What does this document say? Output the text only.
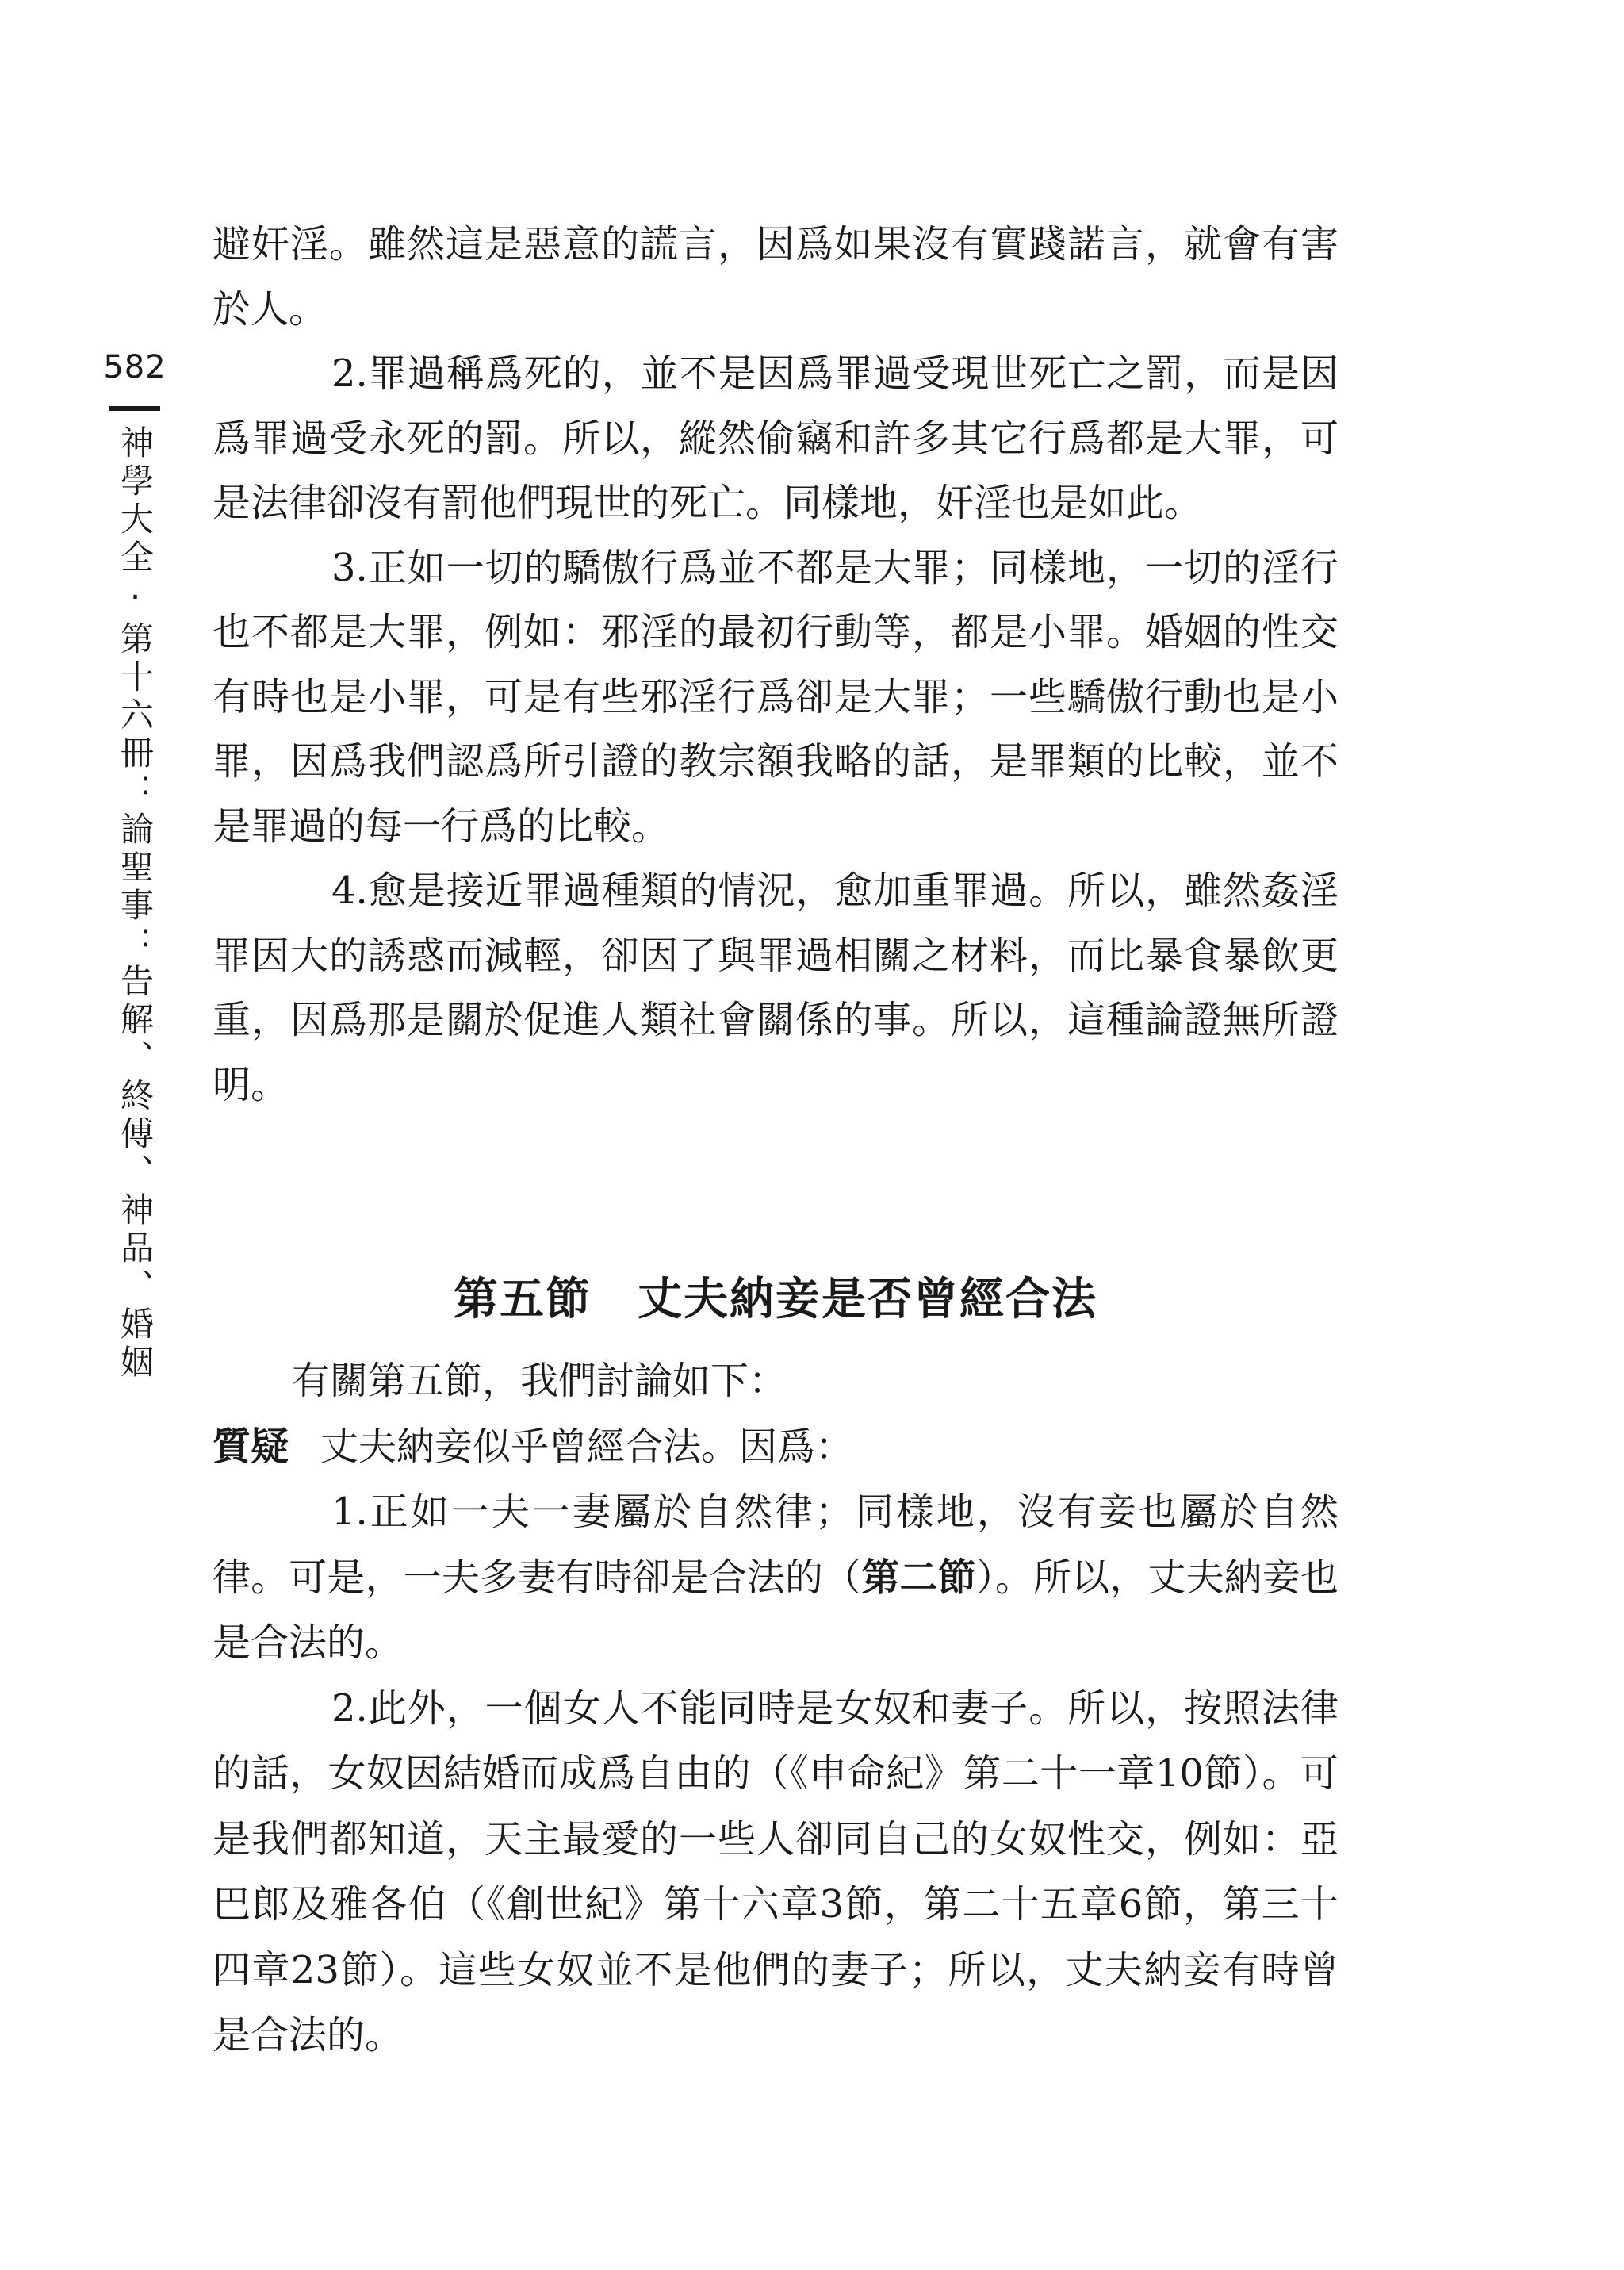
582
神學大全·第十六冊：論聖事：告解、終傅、神品、婚姻

避奸淫。雖然這是惡意的謊言，因爲如果沒有實踐諾言，就會有害於人。

2.罪過稱爲死的，並不是因爲罪過受現世死亡之罰，而是因爲罪過受永死的罰。所以，縱然偷竊和許多其它行爲都是大罪，可是法律卻沒有罰他們現世的死亡。同樣地，奸淫也是如此。

3.正如一切的驕傲行爲並不都是大罪；同樣地，一切的淫行也不都是大罪，例如：邪淫的最初行動等，都是小罪。婚姻的性交有時也是小罪，可是有些邪淫行爲卻是大罪；一些驕傲行動也是小罪，因爲我們認爲所引證的教宗額我略的話，是罪類的比較，並不是罪過的每一行爲的比較。

4.愈是接近罪過種類的情況，愈加重罪過。所以，雖然姦淫罪因大的誘惑而減輕，卻因了與罪過相關之材料，而比暴食暴飲更重，因爲那是關於促進人類社會關係的事。所以，這種論證無所證明。

第五節　丈夫納妾是否曾經合法

有關第五節，我們討論如下：

質疑 丈夫納妾似乎曾經合法。因爲：

1.正如一夫一妻屬於自然律；同樣地，沒有妾也屬於自然律。可是，一夫多妻有時卻是合法的（第二節）。所以，丈夫納妾也是合法的。

2.此外，一個女人不能同時是女奴和妻子。所以，按照法律的話，女奴因結婚而成爲自由的（《申命紀》第二十一章10節）。可是我們都知道，天主最愛的一些人卻同自己的女奴性交，例如：亞巴郎及雅各伯（《創世紀》第十六章3節，第二十五章6節，第三十四章23節）。這些女奴並不是他們的妻子；所以，丈夫納妾有時曾是合法的。
